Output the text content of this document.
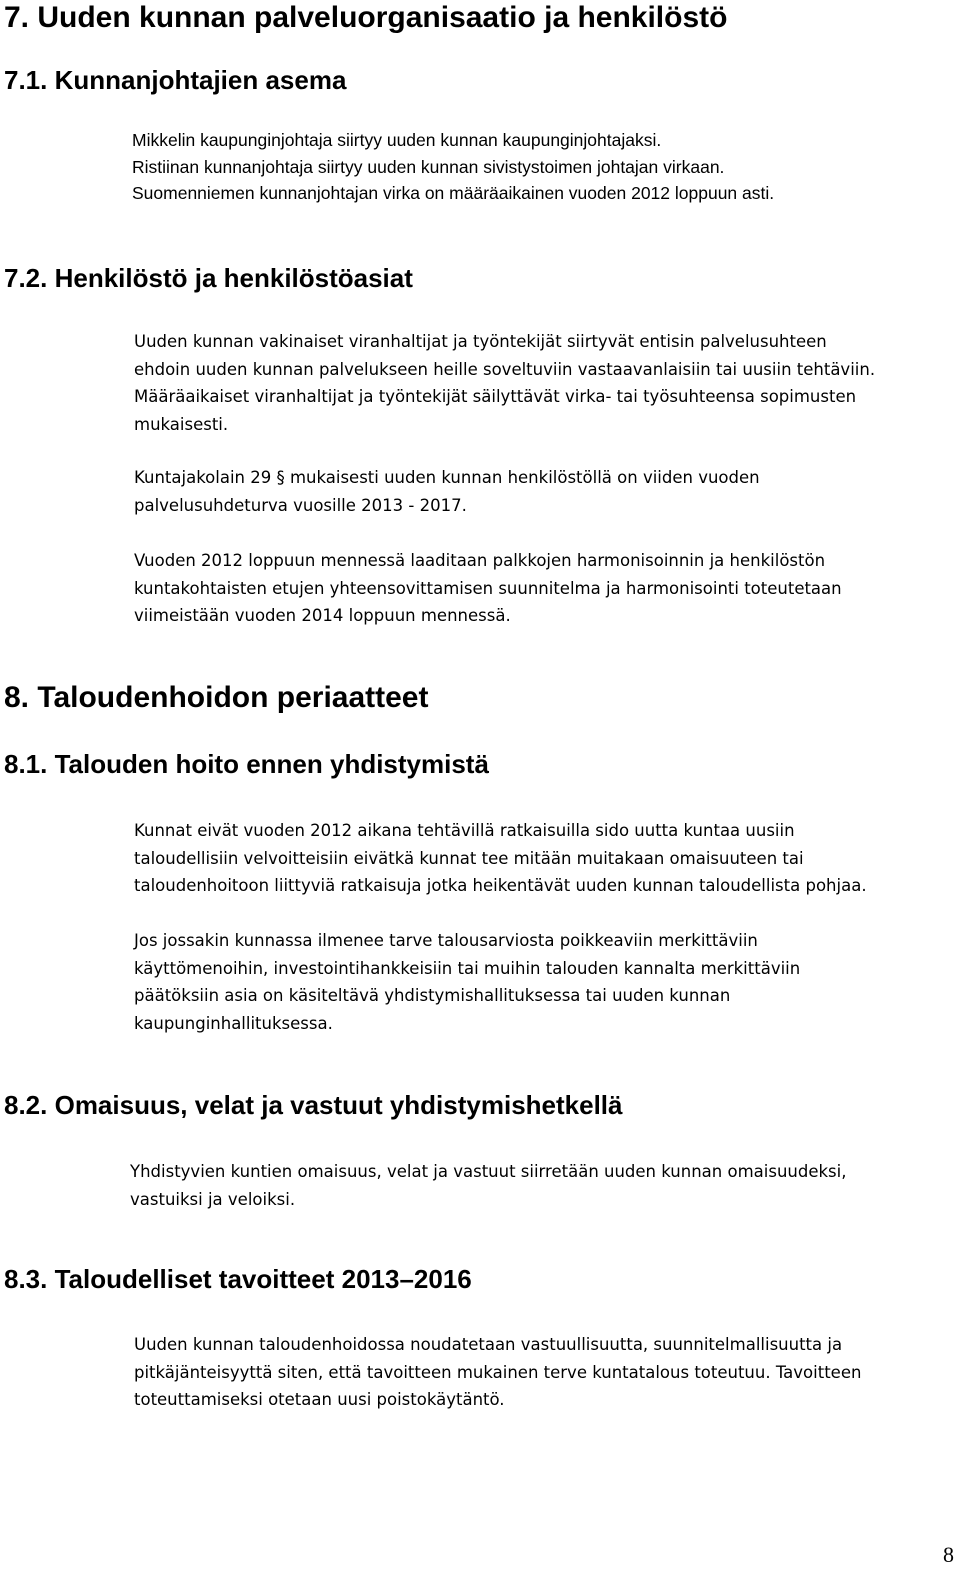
7. Uuden kunnan palveluorganisaatio ja henkilöstö
7.1. Kunnanjohtajien asema

Mikkelin kaupunginjohtaja siirtyy uuden kunnan kaupunginjohtajaksi.
Ristiinan kunnanjohtaja siirtyy uuden kunnan sivistystoimen johtajan virkaan.
Suomenniemen kunnanjohtajan virka on määräaikainen vuoden 2012 loppuun asti.

7.2. Henkilöstö ja henkilöstöasiat

Uuden kunnan vakinaiset viranhaltijat ja työntekijät siirtyvät entisin palvelusuhteen
ehdoin uuden kunnan palvelukseen heille soveltuviin vastaavanlaisiin tai uusiin tehtäviin.
Määräaikaiset viranhaltijat ja työntekijät säilyttävät virka- tai työsuhteensa sopimusten
mukaisesti.

Kuntajakolain 29 § mukaisesti uuden kunnan henkilöstöllä on viiden vuoden
palvelusuhdeturva vuosille 2013 - 2017.

Vuoden 2012 loppuun mennessä laaditaan palkkojen harmonisoinnin ja henkilöstön
kuntakohtaisten etujen yhteensovittamisen suunnitelma ja harmonisointi toteutetaan
viimeistään vuoden 2014 loppuun mennessä.

8. Taloudenhoidon periaatteet
8.1. Talouden hoito ennen yhdistymistä

Kunnat eivät vuoden 2012 aikana tehtävillä ratkaisuilla sido uutta kuntaa uusiin
taloudellisiin velvoitteisiin eivätkä kunnat tee mitään muitakaan omaisuuteen tai
taloudenhoitoon liittyviä ratkaisuja jotka heikentävät uuden kunnan taloudellista pohjaa.

Jos jossakin kunnassa ilmenee tarve talousarviosta poikkeaviin merkittäviin
käyttömenoihin, investointihankkeisiin tai muihin talouden kannalta merkittäviin
päätöksiin asia on käsiteltävä yhdistymishallituksessa tai uuden kunnan
kaupunginhallituksessa.

8.2. Omaisuus, velat ja vastuut yhdistymishetkellä

Yhdistyvien kuntien omaisuus, velat ja vastuut siirretään uuden kunnan omaisuudeksi,
vastuiksi ja veloiksi.

8.3. Taloudelliset tavoitteet 2013–2016

Uuden kunnan taloudenhoidossa noudatetaan vastuullisuutta, suunnitelmallisuutta ja
pitkäjänteisyyttä siten, että tavoitteen mukainen terve kuntatalous toteutuu. Tavoitteen
toteuttamiseksi otetaan uusi poistokäytäntö.

8
